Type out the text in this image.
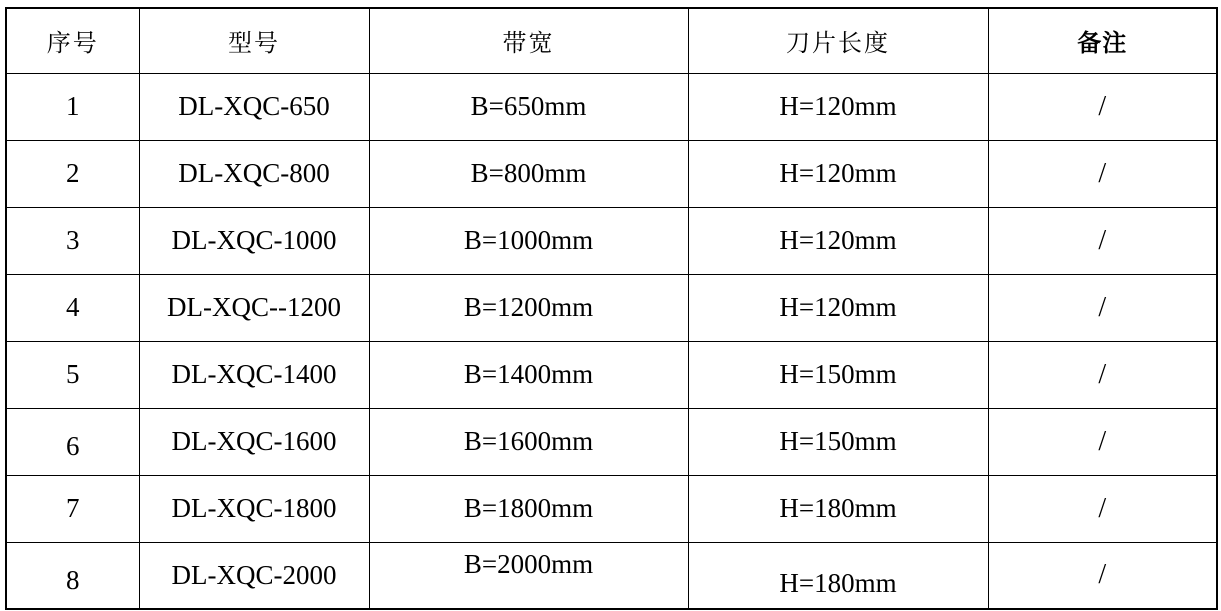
序号	型号	带宽	刀片长度	备注
1	DL-XQC-650	B=650mm	H=120mm	/
2	DL-XQC-800	B=800mm	H=120mm	/
3	DL-XQC-1000	B=1000mm	H=120mm	/
4	DL-XQC--1200	B=1200mm	H=120mm	/
5	DL-XQC-1400	B=1400mm	H=150mm	/
6	DL-XQC-1600	B=1600mm	H=150mm	/
7	DL-XQC-1800	B=1800mm	H=180mm	/
8	DL-XQC-2000	B=2000mm	H=180mm	/
